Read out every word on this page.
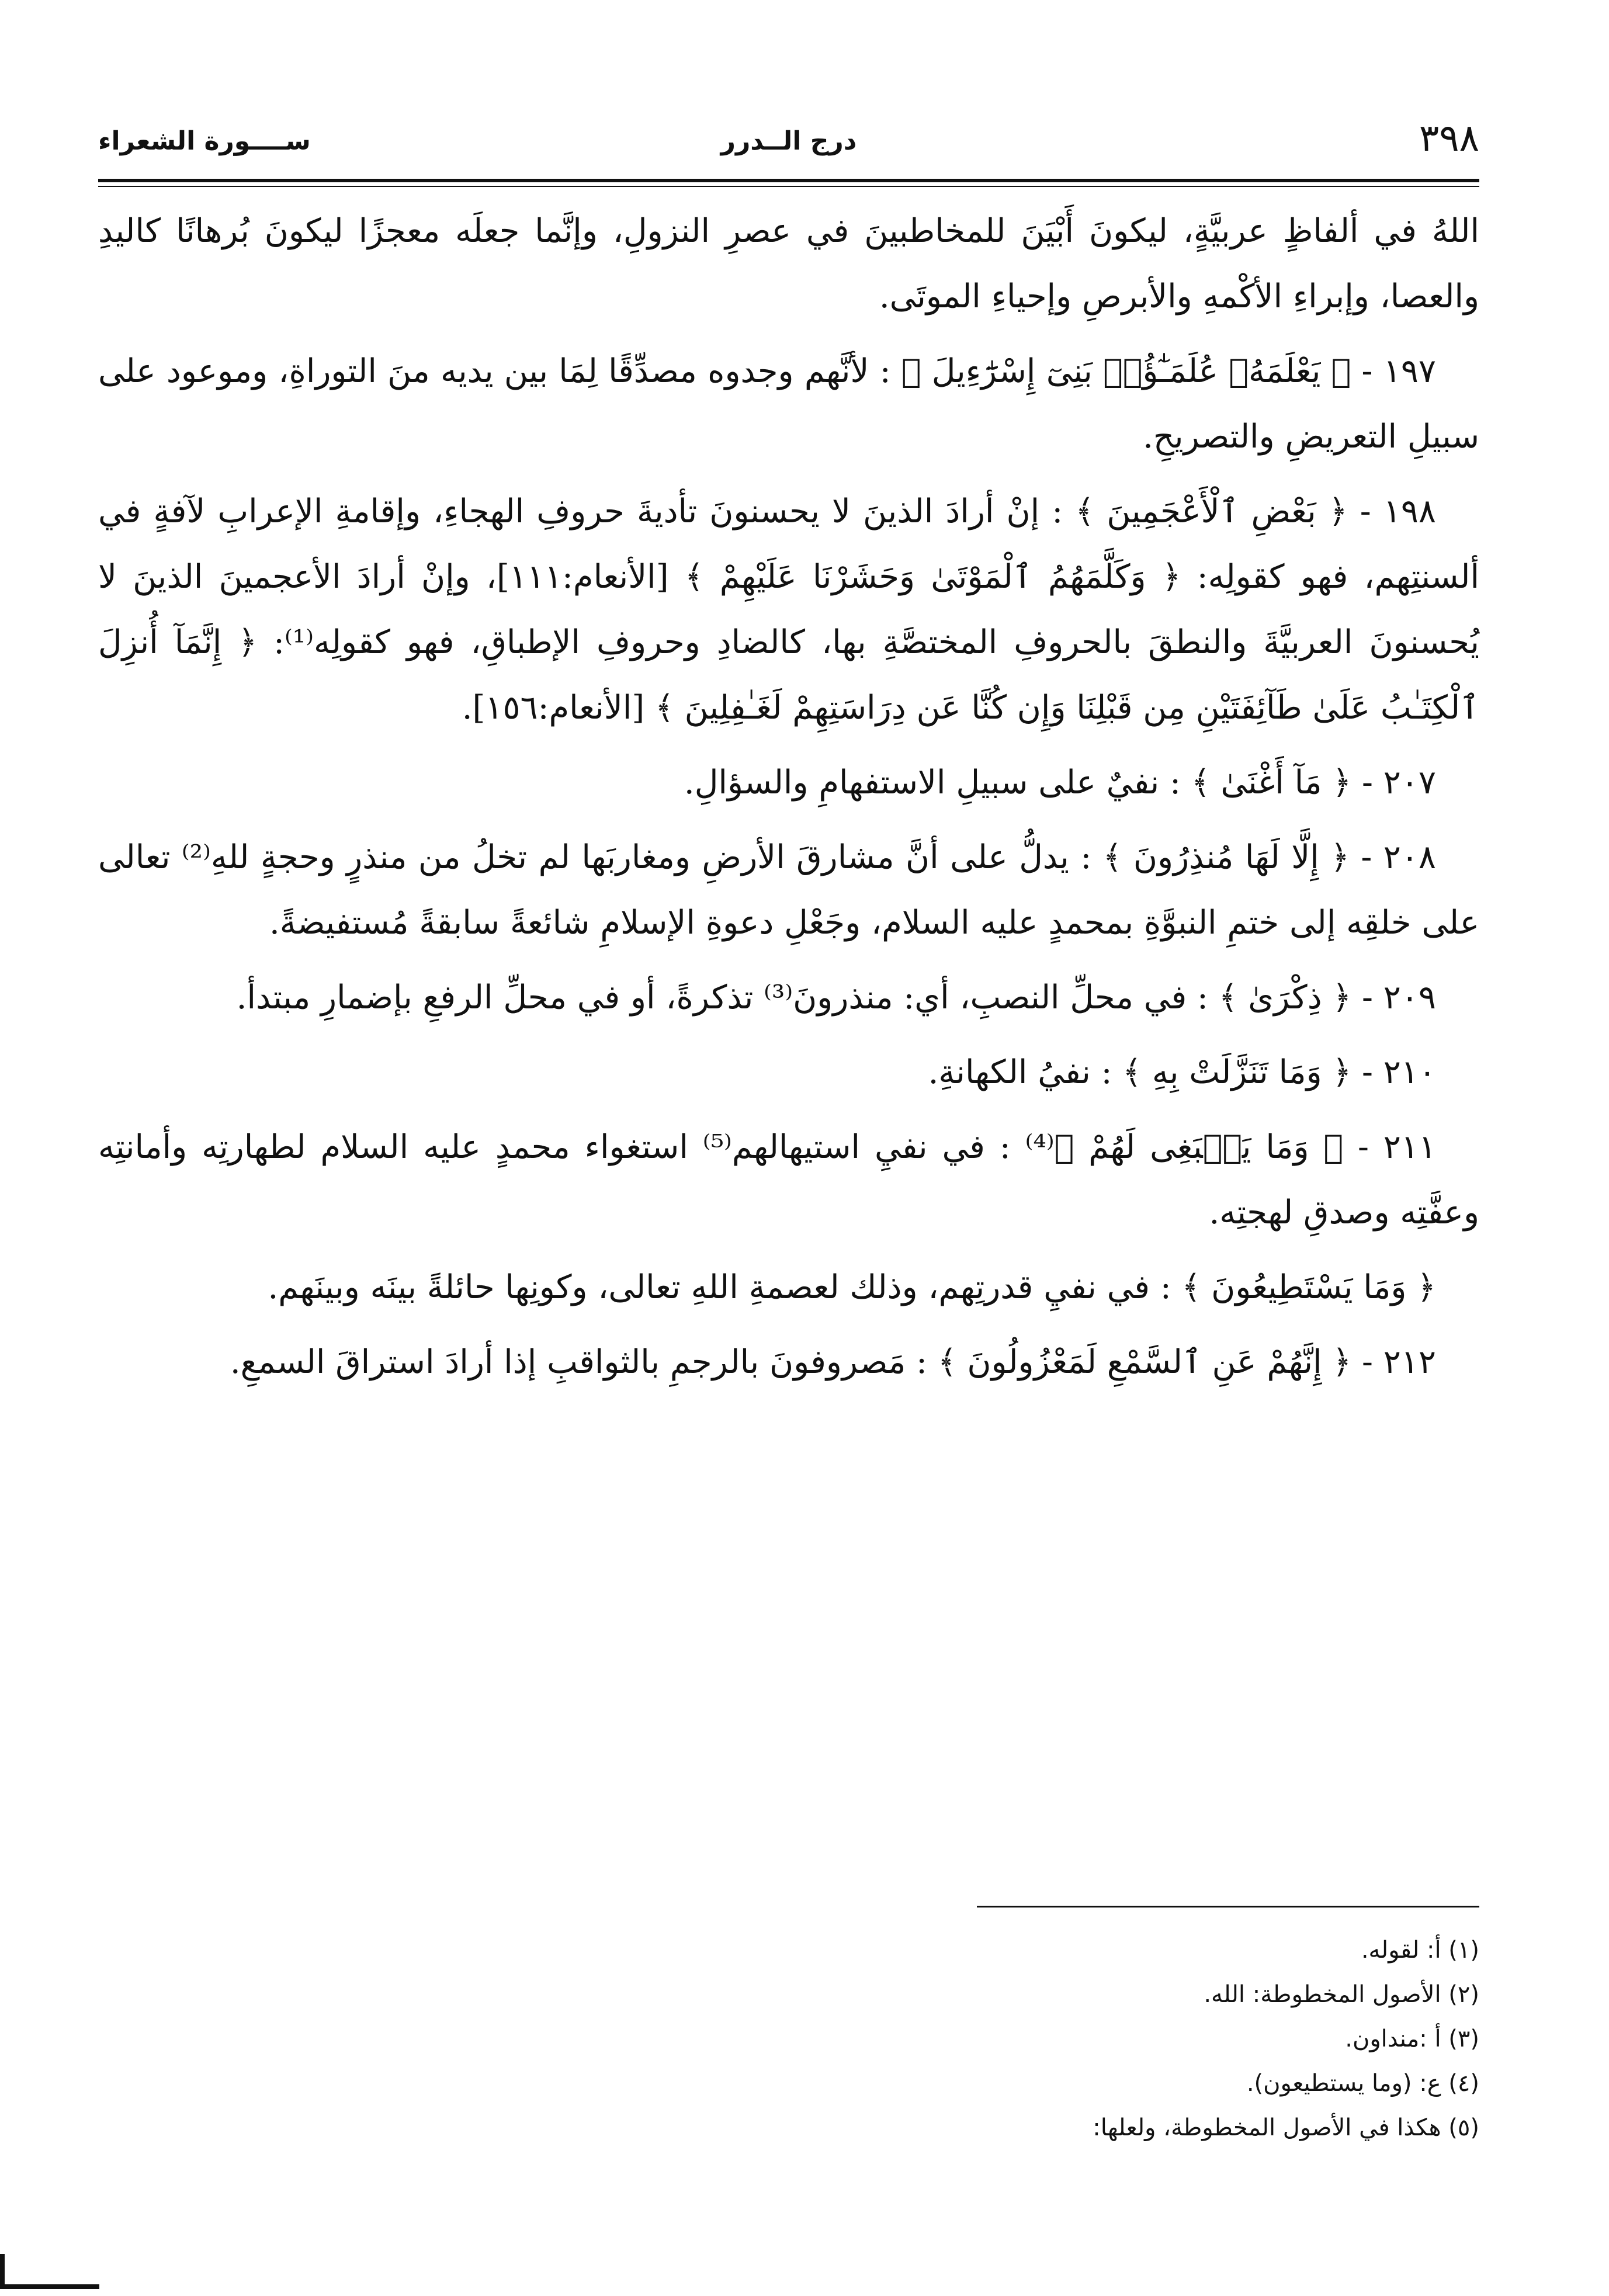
٣٩٨
درج الــدرر
ســــورة الشعراء

اللهُ في ألفاظٍ عربيَّةٍ، ليكونَ أَبْيَنَ للمخاطبينَ في عصرِ النزولِ، وإنَّما جعلَه معجزًا ليكونَ بُرهانًا كاليدِ والعصا، وإبراءِ الأكْمهِ والأبرصِ وإحياءِ الموتَى.

١٩٧ - ﴿ يَعْلَمَهُۥ عُلَمَـٰٓؤُا۟ بَنِىٓ إِسْرَٰٓءِيلَ ﴾ : لأنَّهم وجدوه مصدِّقًا لِمَا بين يديه منَ التوراةِ، وموعود على سبيلِ التعريضِ والتصريحِ.

١٩٨ - ﴿ بَعْضِ ٱلْأَعْجَمِينَ ﴾ : إنْ أرادَ الذينَ لا يحسنونَ تأديةَ حروفِ الهجاءِ، وإقامةِ الإعرابِ لآفةٍ في ألسنتِهم، فهو كقولِه: ﴿ وَكَلَّمَهُمُ ٱلْمَوْتَىٰ وَحَشَرْنَا عَلَيْهِمْ ﴾ [الأنعام:١١١]، وإنْ أرادَ الأعجمينَ الذينَ لا يُحسنونَ العربيَّةَ والنطقَ بالحروفِ المختصَّةِ بها، كالضادِ وحروفِ الإطباقِ، فهو كقولِه⁽¹⁾: ﴿ إِنَّمَآ أُنزِلَ ٱلْكِتَـٰبُ عَلَىٰ طَآئِفَتَيْنِ مِن قَبْلِنَا وَإِن كُنَّا عَن دِرَاسَتِهِمْ لَغَـٰفِلِينَ ﴾ [الأنعام:١٥٦].

٢٠٧ - ﴿ مَآ أَغْنَىٰ ﴾ : نفيٌ على سبيلِ الاستفهامِ والسؤالِ.

٢٠٨ - ﴿ إِلَّا لَهَا مُنذِرُونَ ﴾ : يدلُّ على أنَّ مشارقَ الأرضِ ومغاربَها لم تخلُ من منذرٍ وحجةٍ للهِ⁽²⁾ تعالى على خلقِه إلى ختمِ النبوَّةِ بمحمدٍ عليه السلام، وجَعْلِ دعوةِ الإسلامِ شائعةً سابقةً مُستفيضةً.

٢٠٩ - ﴿ ذِكْرَىٰ ﴾ : في محلِّ النصبِ، أي: منذرونَ⁽³⁾ تذكرةً، أو في محلِّ الرفعِ بإضمارِ مبتدأ.

٢١٠ - ﴿ وَمَا تَنَزَّلَتْ بِهِ ﴾ : نفيُ الكهانةِ.

٢١١ - ﴿ وَمَا يَنۢبَغِى لَهُمْ ﴾⁽⁴⁾ : في نفيِ استيهالهم⁽⁵⁾ استغواء محمدٍ عليه السلام لطهارتِه وأمانتِه وعفَّتِه وصدقِ لهجتِه.

﴿ وَمَا يَسْتَطِيعُونَ ﴾ : في نفيِ قدرتِهم، وذلك لعصمةِ اللهِ تعالى، وكونِها حائلةً بينَه وبينَهم.

٢١٢ - ﴿ إِنَّهُمْ عَنِ ٱلسَّمْعِ لَمَعْزُولُونَ ﴾ : مَصروفونَ بالرجمِ بالثواقبِ إذا أرادَ استراقَ السمعِ.

(١) أ: لقوله.
(٢) الأصول المخطوطة: الله.
(٣) أ :منداون.
(٤) ع: (وما يستطيعون).
(٥) هكذا في الأصول المخطوطة، ولعلها:
